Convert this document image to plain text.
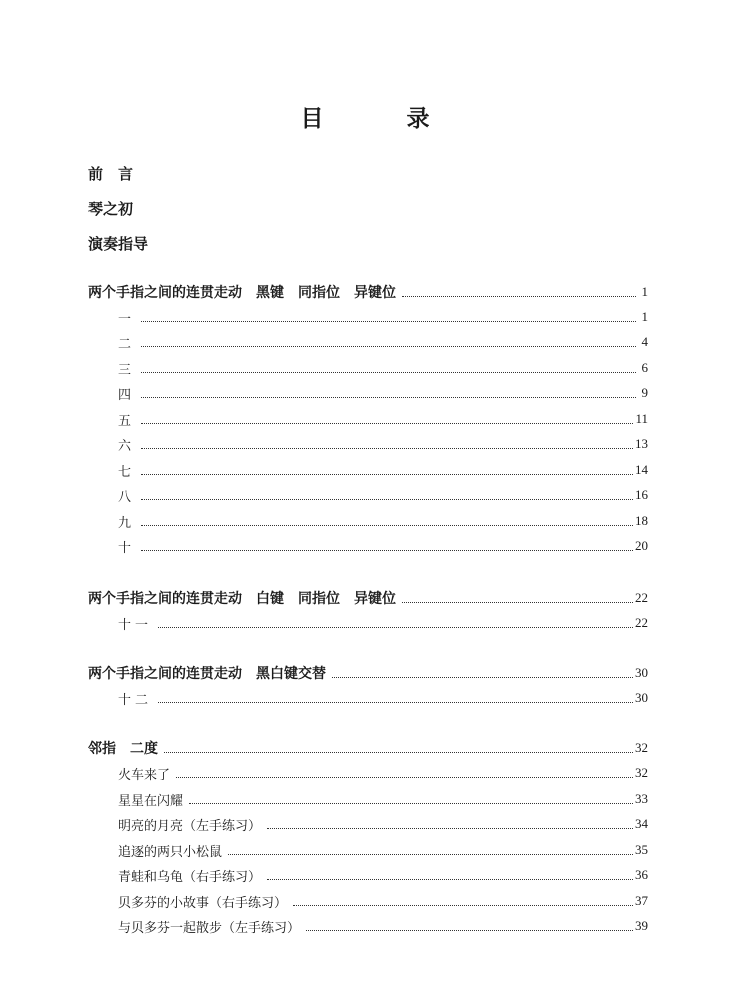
目　录
前　言
琴之初
演奏指导
两个手指之间的连贯走动　黑键　同指位　异键位	1
一	1
二	4
三	6
四	9
五	11
六	13
七	14
八	16
九	18
十	20
两个手指之间的连贯走动　白键　同指位　异键位	22
十一	22
两个手指之间的连贯走动　黑白键交替	30
十二	30
邻指　二度	32
火车来了	32
星星在闪耀	33
明亮的月亮（左手练习）	34
追逐的两只小松鼠	35
青蛙和乌龟（右手练习）	36
贝多芬的小故事（右手练习）	37
与贝多芬一起散步（左手练习）	39
